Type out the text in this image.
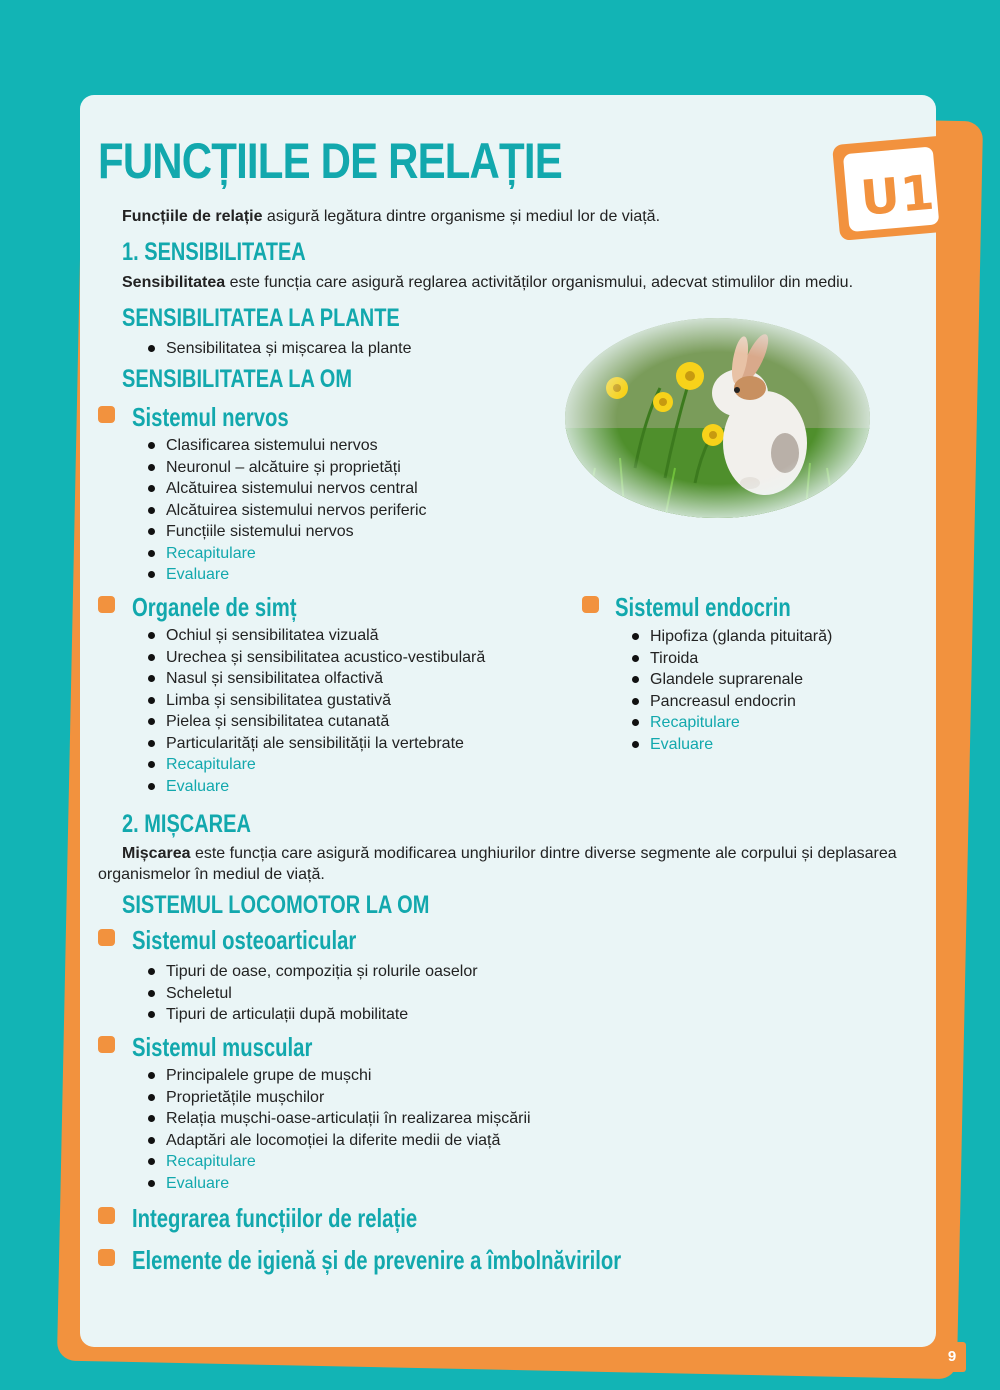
U1
FUNCȚIILE DE RELAȚIE
Funcțiile de relație asigură legătura dintre organisme și mediul lor de viață.
1. SENSIBILITATEA
Sensibilitatea este funcția care asigură reglarea activităților organismului, adecvat stimulilor din mediu.
SENSIBILITATEA LA PLANTE
Sensibilitatea și mișcarea la plante
SENSIBILITATEA LA OM
Sistemul nervos
Clasificarea sistemului nervos
Neuronul – alcătuire și proprietăți
Alcătuirea sistemului nervos central
Alcătuirea sistemului nervos periferic
Funcțiile sistemului nervos
Recapitulare
Evaluare
Organele de simț
Ochiul și sensibilitatea vizuală
Urechea și sensibilitatea acustico-vestibulară
Nasul și sensibilitatea olfactivă
Limba și sensibilitatea gustativă
Pielea și sensibilitatea cutanată
Particularități ale sensibilității la vertebrate
Recapitulare
Evaluare
Sistemul endocrin
Hipofiza (glanda pituitară)
Tiroida
Glandele suprarenale
Pancreasul endocrin
Recapitulare
Evaluare
2. MIȘCAREA
Mișcarea este funcția care asigură modificarea unghiurilor dintre diverse segmente ale corpului și deplasarea organismelor în mediul de viață.
SISTEMUL LOCOMOTOR LA OM
Sistemul osteoarticular
Tipuri de oase, compoziția și rolurile oaselor
Scheletul
Tipuri de articulații după mobilitate
Sistemul muscular
Principalele grupe de mușchi
Proprietățile mușchilor
Relația mușchi-oase-articulații în realizarea mișcării
Adaptări ale locomoției la diferite medii de viață
Recapitulare
Evaluare
Integrarea funcțiilor de relație
Elemente de igienă și de prevenire a îmbolnăvirilor
9
